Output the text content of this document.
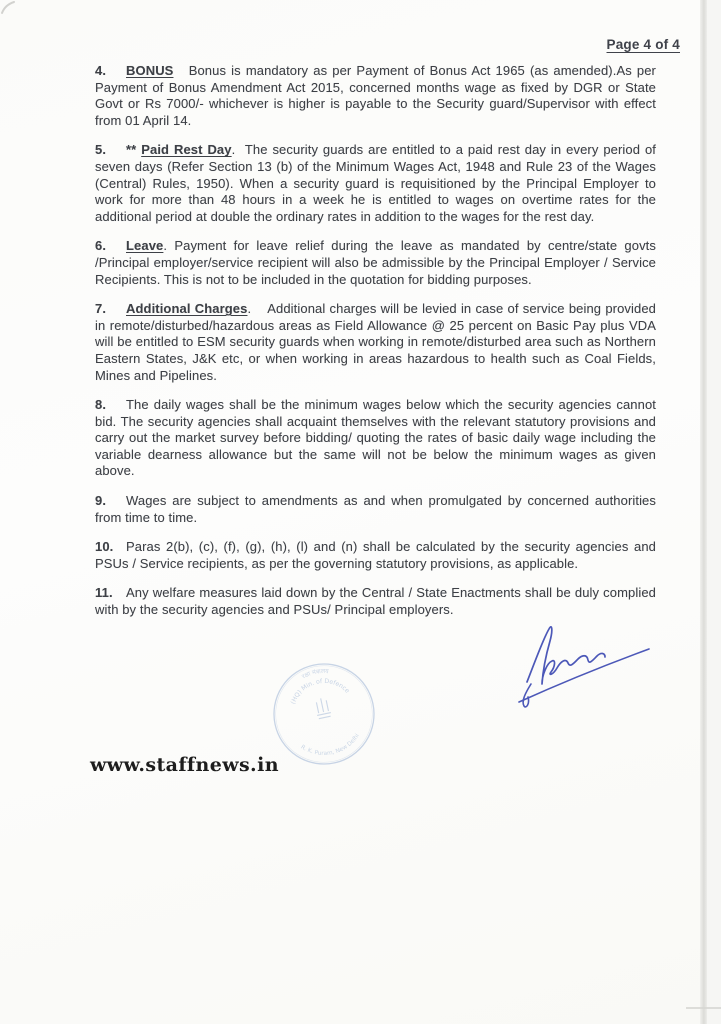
Page 4 of 4

4. BONUS   Bonus is mandatory as per Payment of Bonus Act 1965 (as amended).As per Payment of Bonus Amendment Act 2015, concerned months wage as fixed by DGR or State Govt or Rs 7000/- whichever is higher is payable to the Security guard/Supervisor with effect from 01 April 14.

5. ** Paid Rest Day.  The security guards are entitled to a paid rest day in every period of seven days (Refer Section 13 (b) of the Minimum Wages Act, 1948 and Rule 23 of the Wages (Central) Rules, 1950). When a security guard is requisitioned by the Principal Employer to work for more than 48 hours in a week he is entitled to wages on overtime rates for the additional period at double the ordinary rates in addition to the wages for the rest day.

6. Leave. Payment for leave relief during the leave as mandated by centre/state govts /Principal employer/service recipient will also be admissible by the Principal Employer / Service Recipients. This is not to be included in the quotation for bidding purposes.

7. Additional Charges.    Additional charges will be levied in case of service being provided in remote/disturbed/hazardous areas as Field Allowance @ 25 percent on Basic Pay plus VDA will be entitled to ESM security guards when working in remote/disturbed area such as Northern Eastern States, J&K etc, or when working in areas hazardous to health such as Coal Fields, Mines and Pipelines.

8. The daily wages shall be the minimum wages below which the security agencies cannot bid. The security agencies shall acquaint themselves with the relevant statutory provisions and carry out the market survey before bidding/ quoting the rates of basic daily wage including the variable dearness allowance but the same will not be below the minimum wages as given above.

9. Wages are subject to amendments as and when promulgated by concerned authorities from time to time.

10. Paras 2(b), (c), (f), (g), (h), (l) and (n) shall be calculated by the security agencies and PSUs / Service recipients, as per the governing statutory provisions, as applicable.

11. Any welfare measures laid down by the Central / State Enactments shall be duly complied with by the security agencies and PSUs/ Principal employers.

रक्षा मंत्रालय
(HQ) Min. of Defence
R. K. Puram, New Delhi
www.staffnews.in
